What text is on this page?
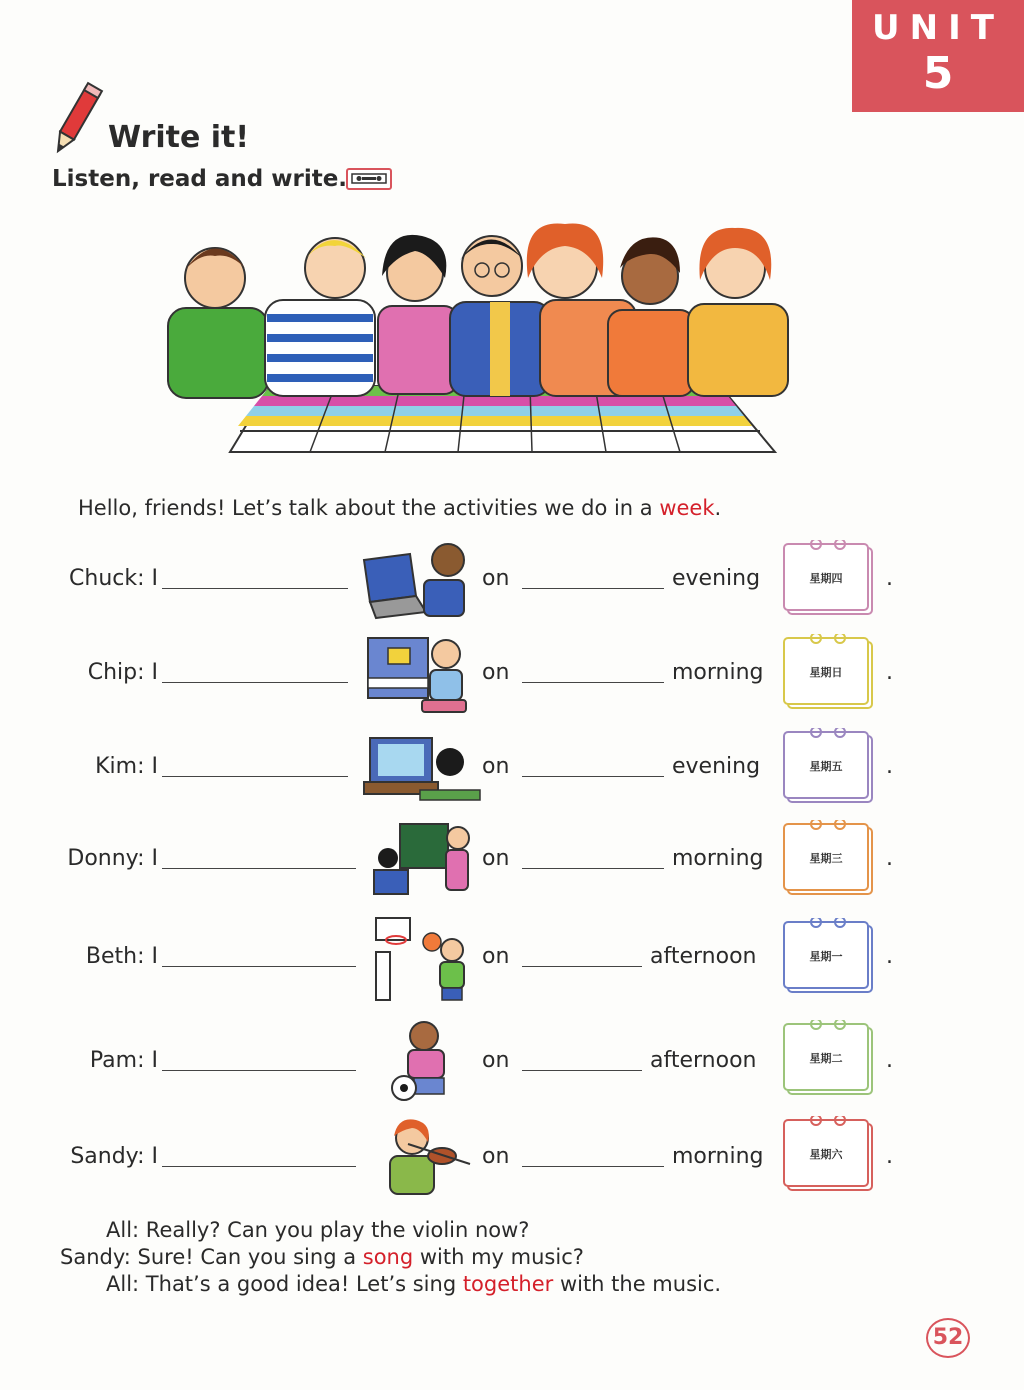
UNIT
5
Write it!
Listen, read and write.
Hello, friends! Let’s talk about the activities we do in a week.
Chuck: I	on	evening	星期四 .
Chip: I	on	morning	星期日 .
Kim: I	on	evening	星期五 .
Donny: I	on	morning	星期三 .
Beth: I	on	afternoon	星期一 .
Pam: I	on	afternoon	星期二 .
Sandy: I	on	morning	星期六 .
All: Really? Can you play the violin now?
Sandy: Sure! Can you sing a song with my music?
All: That’s a good idea! Let’s sing together with the music.
52
